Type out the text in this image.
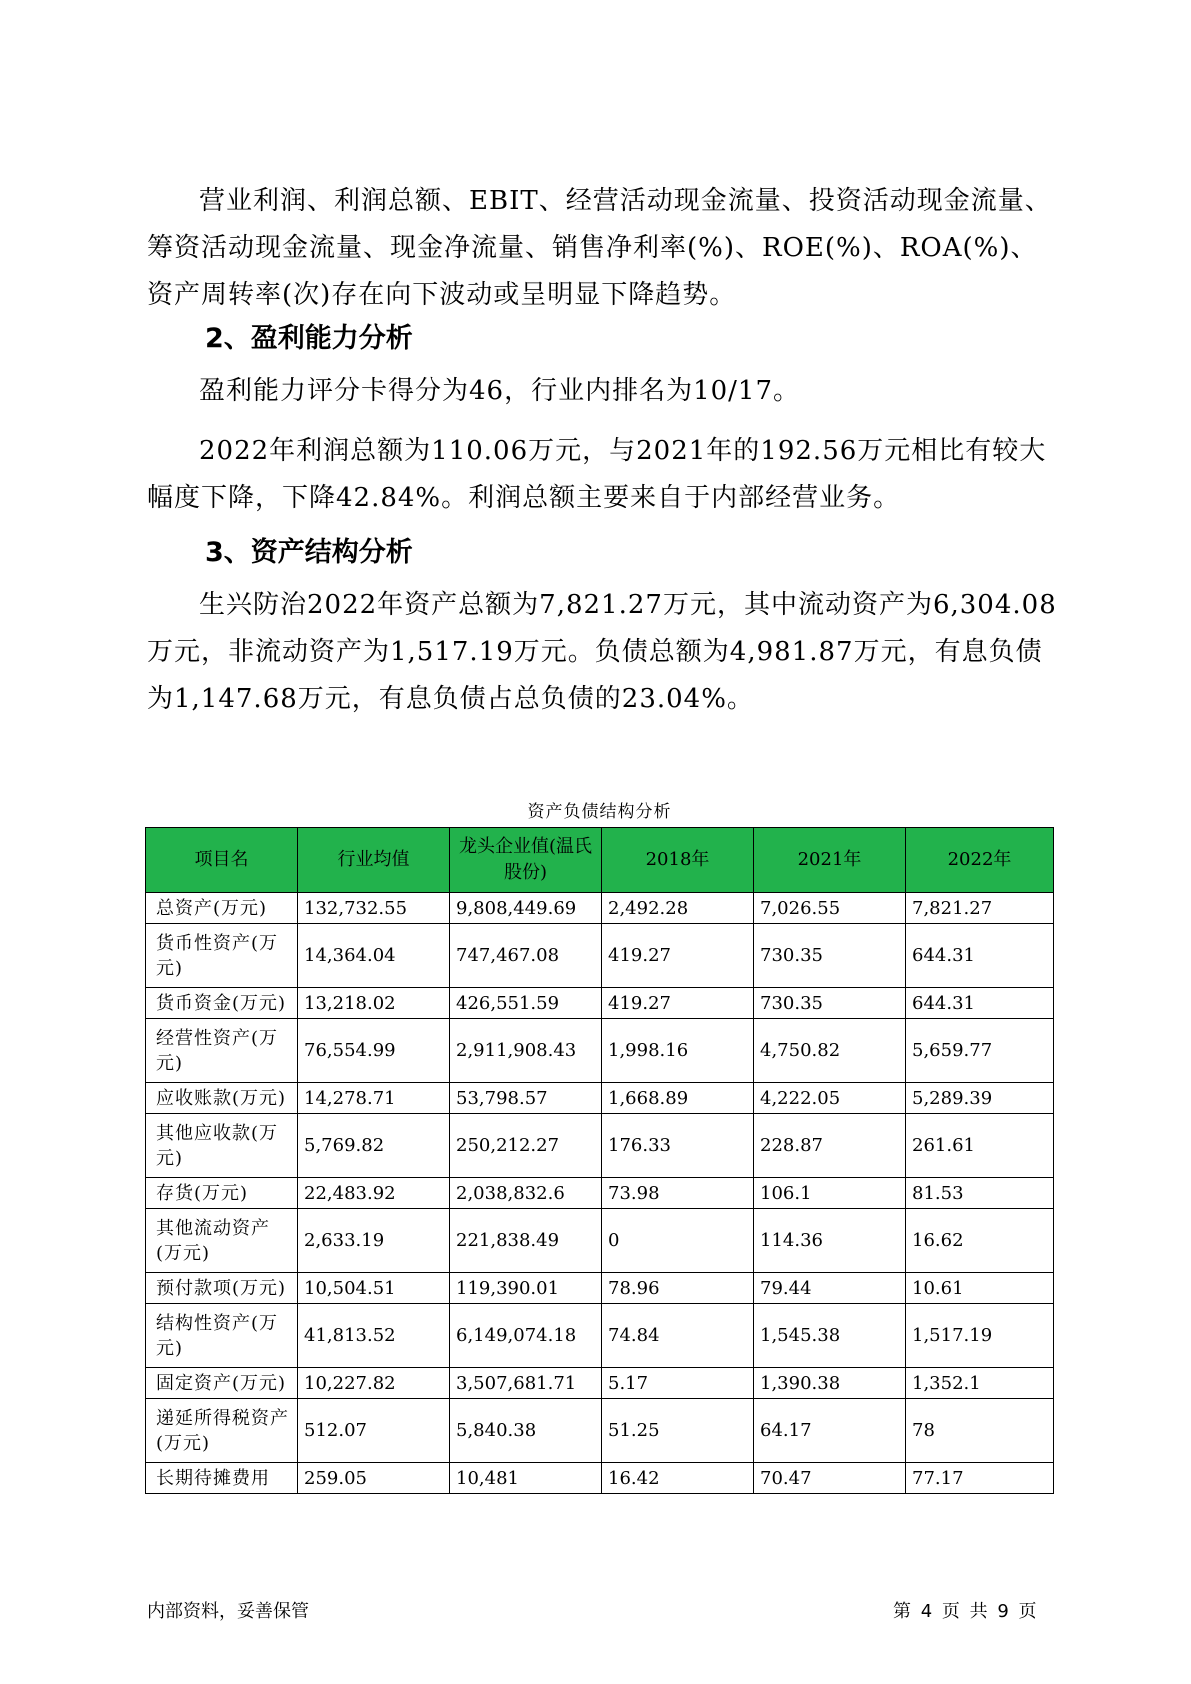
营业利润、利润总额、EBIT、经营活动现金流量、投资活动现金流量、筹资活动现金流量、现金净流量、销售净利率(%)、ROE(%)、ROA(%)、资产周转率(次)存在向下波动或呈明显下降趋势。

2、盈利能力分析

盈利能力评分卡得分为46，行业内排名为10/17。

2022年利润总额为110.06万元，与2021年的192.56万元相比有较大幅度下降，下降42.84%。利润总额主要来自于内部经营业务。

3、资产结构分析

生兴防治2022年资产总额为7,821.27万元，其中流动资产为6,304.08万元，非流动资产为1,517.19万元。负债总额为4,981.87万元，有息负债为1,147.68万元，有息负债占总负债的23.04%。

资产负债结构分析
项目名	行业均值	龙头企业值(温氏股份)	2018年	2021年	2022年
总资产(万元)	132,732.55	9,808,449.69	2,492.28	7,026.55	7,821.27
货币性资产(万元)	14,364.04	747,467.08	419.27	730.35	644.31
货币资金(万元)	13,218.02	426,551.59	419.27	730.35	644.31
经营性资产(万元)	76,554.99	2,911,908.43	1,998.16	4,750.82	5,659.77
应收账款(万元)	14,278.71	53,798.57	1,668.89	4,222.05	5,289.39
其他应收款(万元)	5,769.82	250,212.27	176.33	228.87	261.61
存货(万元)	22,483.92	2,038,832.6	73.98	106.1	81.53
其他流动资产(万元)	2,633.19	221,838.49	0	114.36	16.62
预付款项(万元)	10,504.51	119,390.01	78.96	79.44	10.61
结构性资产(万元)	41,813.52	6,149,074.18	74.84	1,545.38	1,517.19
固定资产(万元)	10,227.82	3,507,681.71	5.17	1,390.38	1,352.1
递延所得税资产(万元)	512.07	5,840.38	51.25	64.17	78
长期待摊费用	259.05	10,481	16.42	70.47	77.17
内部资料，妥善保管	第 4 页 共 9 页
